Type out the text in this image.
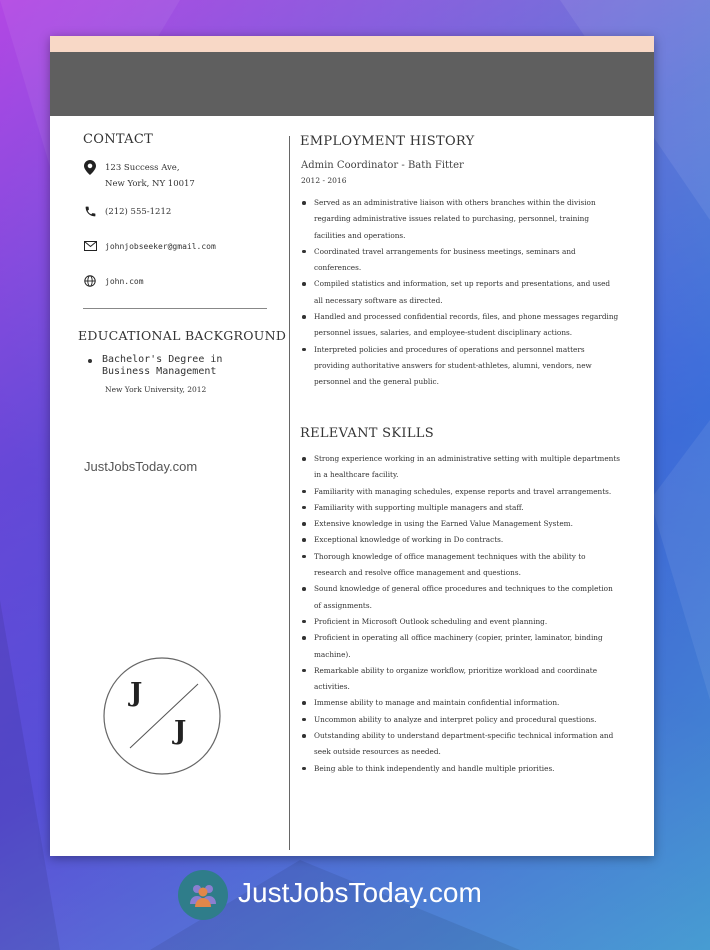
CONTACT
123 Success Ave,
New York, NY 10017
(212) 555-1212
johnjobseeker@gmail.com
john.com
EDUCATIONAL BACKGROUND
Bachelor's Degree in Business Management
New York University, 2012
JustJobsToday.com
J
J
EMPLOYMENT HISTORY
Admin Coordinator - Bath Fitter
2012 - 2016
Served as an administrative liaison with others branches within the division
regarding administrative issues related to purchasing, personnel, training
facilities and operations.
Coordinated travel arrangements for business meetings, seminars and
conferences.
Compiled statistics and information, set up reports and presentations, and used
all necessary software as directed.
Handled and processed confidential records, files, and phone messages regarding
personnel issues, salaries, and employee-student disciplinary actions.
Interpreted policies and procedures of operations and personnel matters
providing authoritative answers for student-athletes, alumni, vendors, new
personnel and the general public.
RELEVANT SKILLS
Strong experience working in an administrative setting with multiple departments
in a healthcare facility.
Familiarity with managing schedules, expense reports and travel arrangements.
Familiarity with supporting multiple managers and staff.
Extensive knowledge in using the Earned Value Management System.
Exceptional knowledge of working in Do contracts.
Thorough knowledge of office management techniques with the ability to
research and resolve office management and questions.
Sound knowledge of general office procedures and techniques to the completion
of assignments.
Proficient in Microsoft Outlook scheduling and event planning.
Proficient in operating all office machinery (copier, printer, laminator, binding
machine).
Remarkable ability to organize workflow, prioritize workload and coordinate
activities.
Immense ability to manage and maintain confidential information.
Uncommon ability to analyze and interpret policy and procedural questions.
Outstanding ability to understand department-specific technical information and
seek outside resources as needed.
Being able to think independently and handle multiple priorities.
JustJobsToday.com
